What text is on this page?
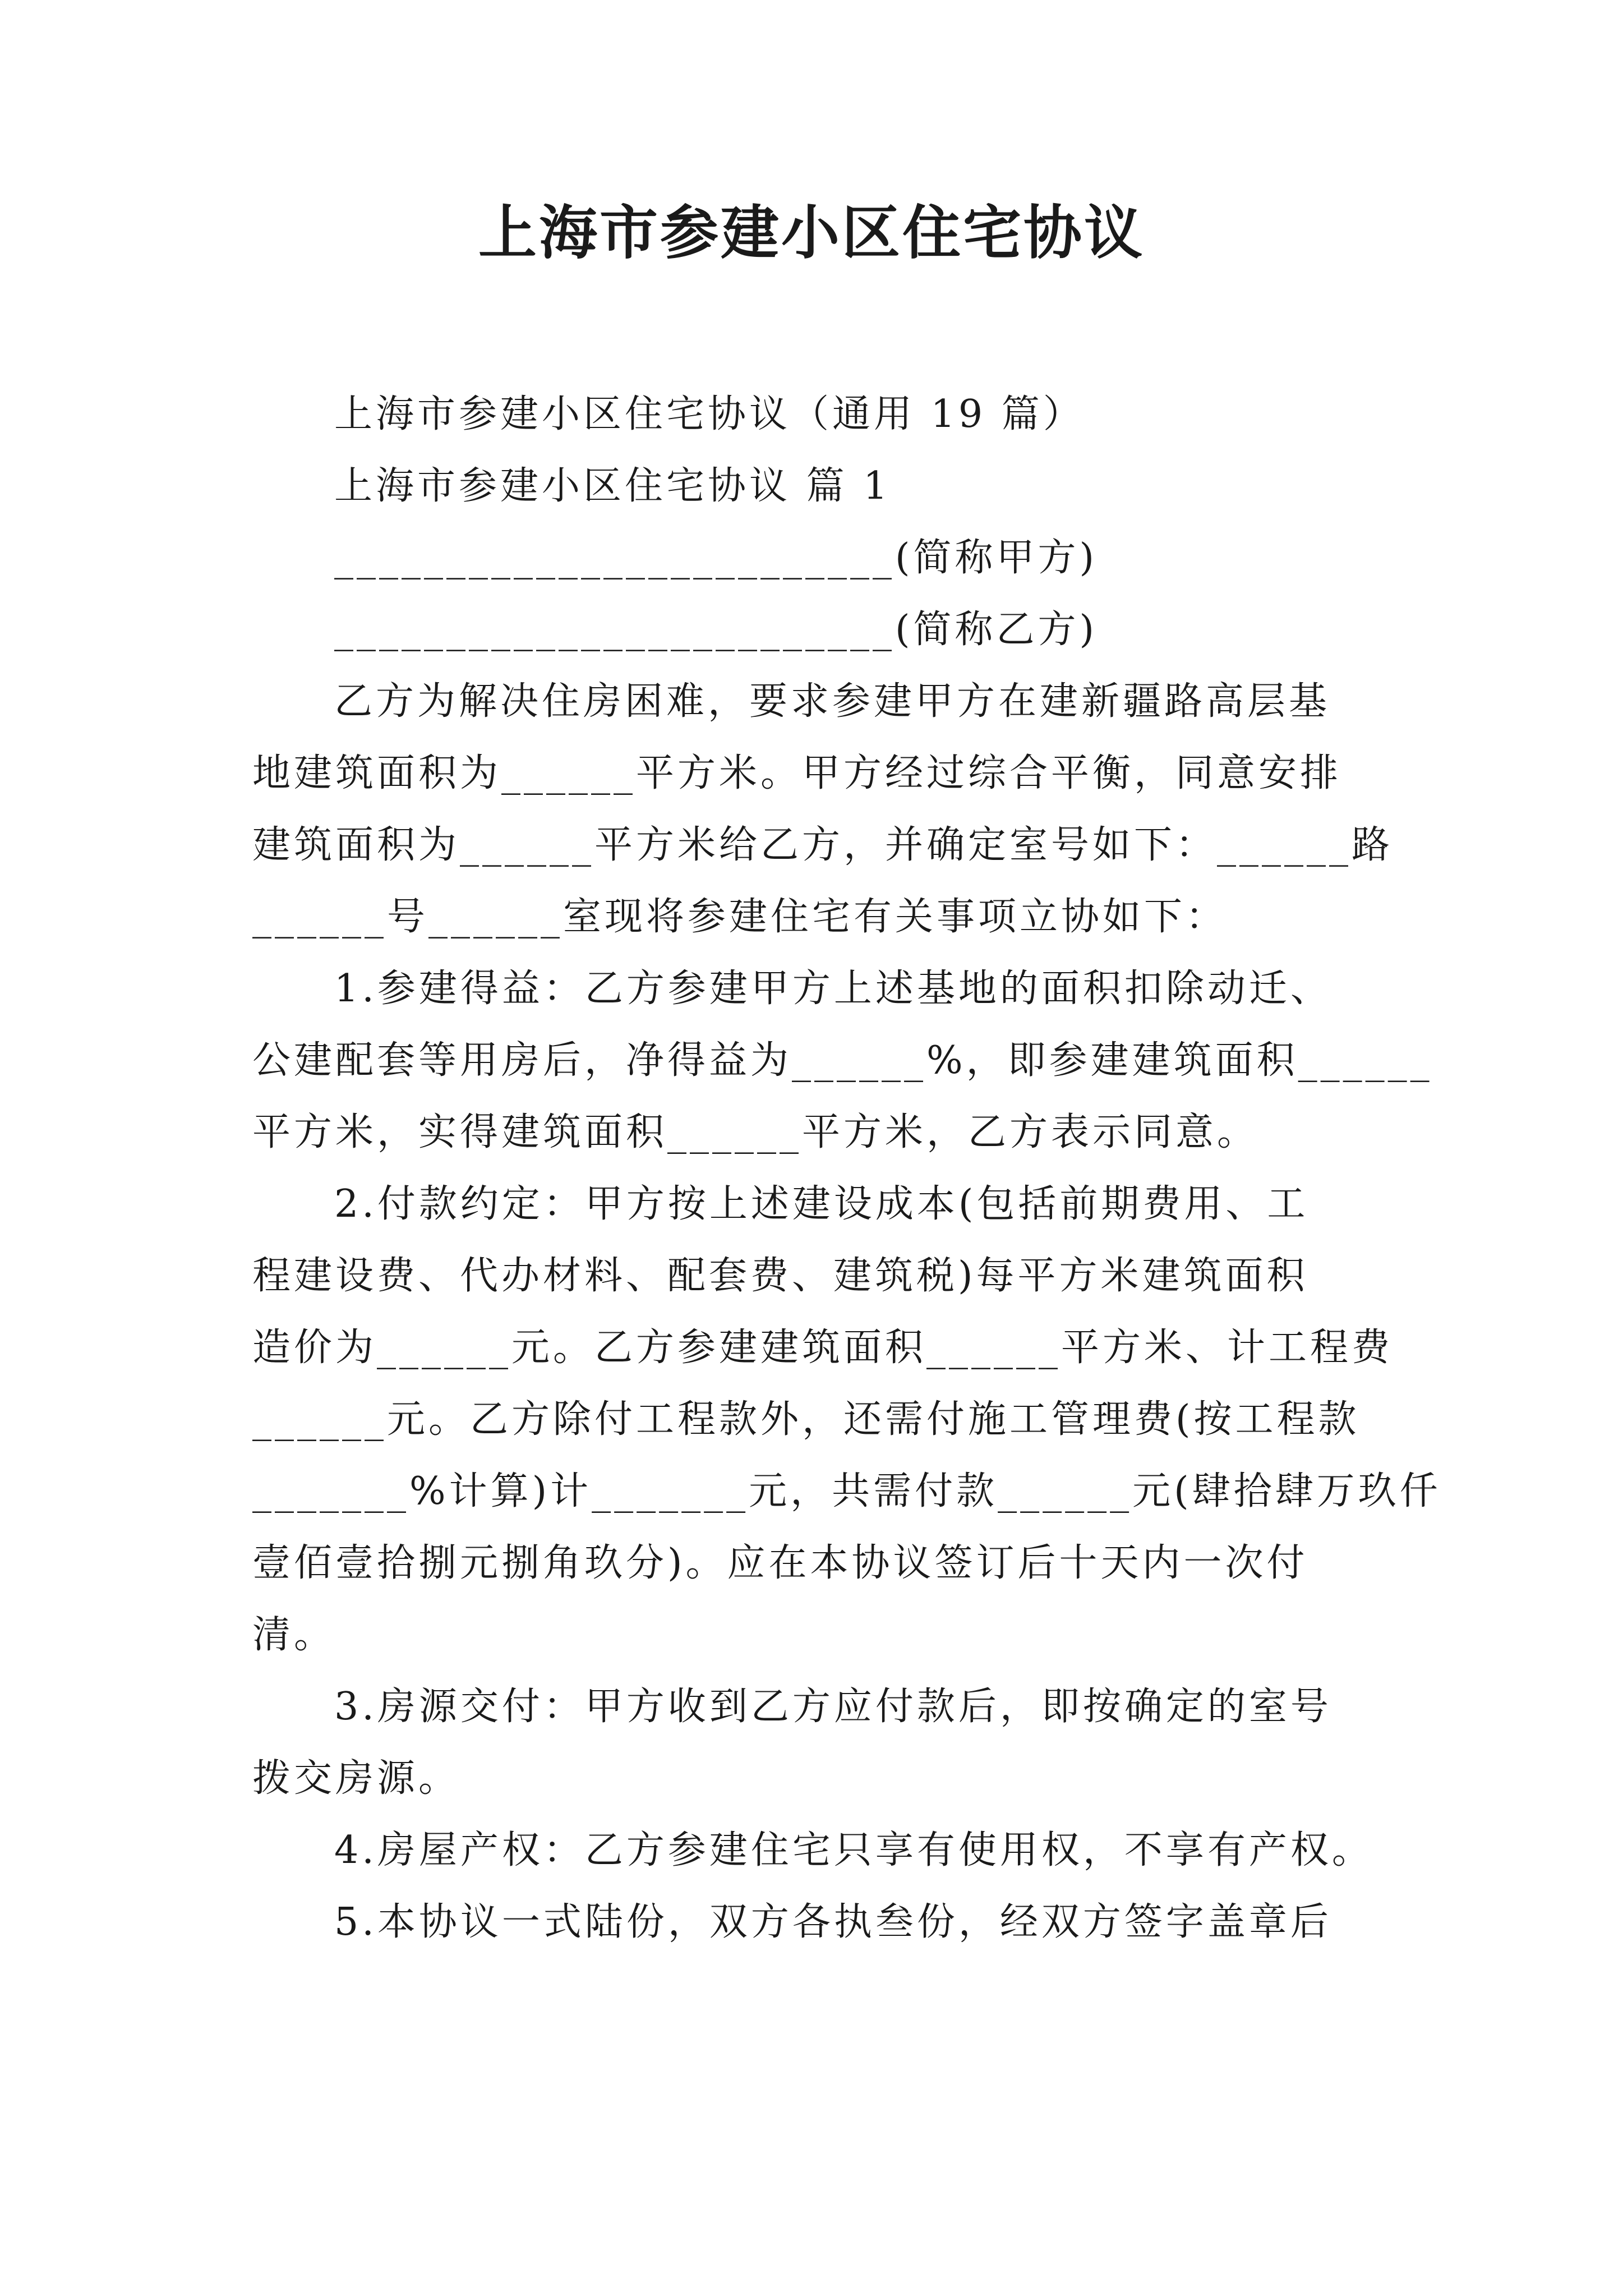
上海市参建小区住宅协议
上海市参建小区住宅协议（通用 19 篇）
上海市参建小区住宅协议 篇 1
_________________________(简称甲方)
_________________________(简称乙方)
乙方为解决住房困难，要求参建甲方在建新疆路高层基
地建筑面积为______平方米。甲方经过综合平衡，同意安排
建筑面积为______平方米给乙方，并确定室号如下：______路
______号______室现将参建住宅有关事项立协如下：
1.参建得益：乙方参建甲方上述基地的面积扣除动迁、
公建配套等用房后，净得益为______%，即参建建筑面积______
平方米，实得建筑面积______平方米，乙方表示同意。
2.付款约定：甲方按上述建设成本(包括前期费用、工
程建设费、代办材料、配套费、建筑税)每平方米建筑面积
造价为______元。乙方参建建筑面积______平方米、计工程费
______元。乙方除付工程款外，还需付施工管理费(按工程款
_______%计算)计_______元，共需付款______元(肆拾肆万玖仟
壹佰壹拾捌元捌角玖分)。应在本协议签订后十天内一次付
清。
3.房源交付：甲方收到乙方应付款后，即按确定的室号
拨交房源。
4.房屋产权：乙方参建住宅只享有使用权，不享有产权。
5.本协议一式陆份，双方各执叁份，经双方签字盖章后
